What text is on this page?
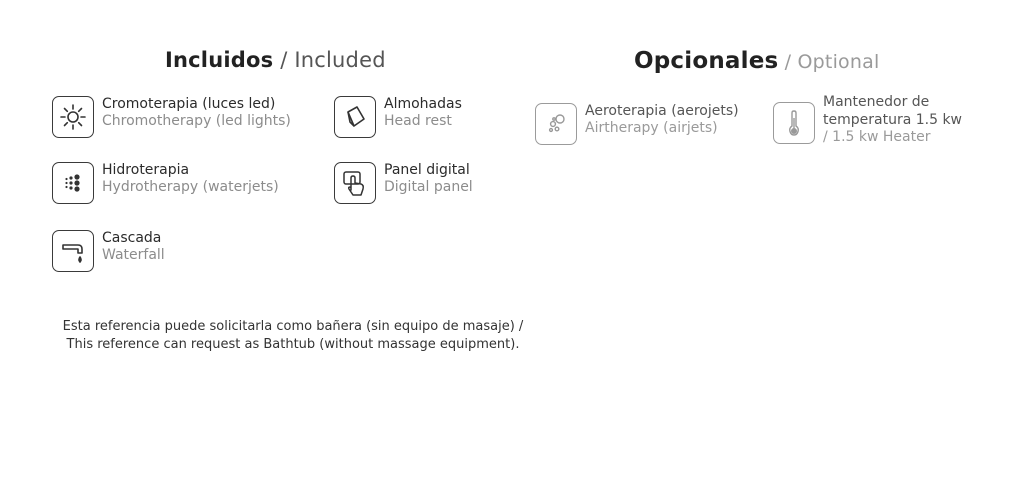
Incluidos / Included	Opcionales / Optional
Cromoterapia (luces led)
Chromotherapy (led lights)
Almohadas
Head rest
Hidroterapia
Hydrotherapy (waterjets)
Panel digital
Digital panel
Cascada
Waterfall
Aeroterapia (aerojets)
Airtherapy (airjets)
Mantenedor de
temperatura 1.5 kw
/ 1.5 kw Heater
Esta referencia puede solicitarla como bañera (sin equipo de masaje) / This reference can request as Bathtub (without massage equipment).
